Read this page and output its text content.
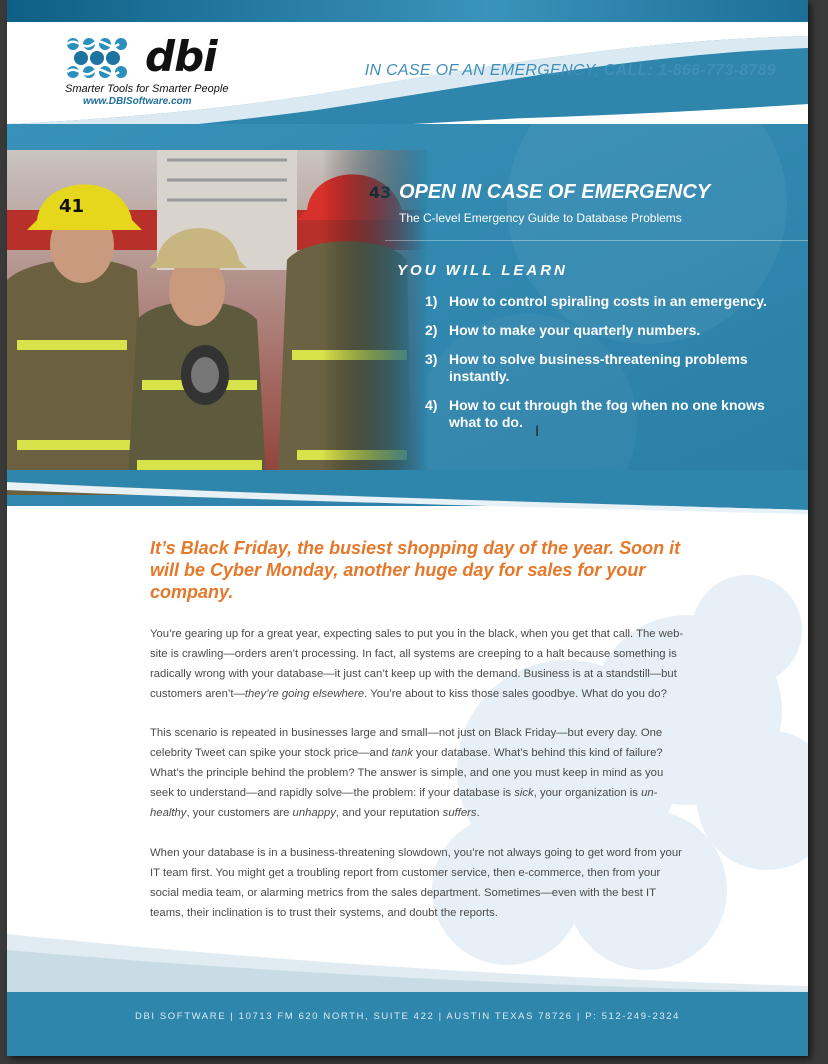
dbi
Smarter Tools for Smarter People
www.DBISoftware.com
IN CASE OF AN EMERGENCY, CALL: 1-866-773-8789
OPEN IN CASE OF EMERGENCY
The C-level Emergency Guide to Database Problems
YOU WILL LEARN
1) How to control spiraling costs in an emergency.
2) How to make your quarterly numbers.
3) How to solve business-threatening problems instantly.
4) How to cut through the fog when no one knows what to do.
It’s Black Friday, the busiest shopping day of the year. Soon it will be Cyber Monday, another huge day for sales for your company.

You’re gearing up for a great year, expecting sales to put you in the black, when you get that call. The web-site is crawling—orders aren’t processing. In fact, all systems are creeping to a halt because something is radically wrong with your database—it just can’t keep up with the demand. Business is at a standstill—but customers aren’t—they’re going elsewhere. You’re about to kiss those sales goodbye. What do you do?

This scenario is repeated in businesses large and small—not just on Black Friday—but every day. One celebrity Tweet can spike your stock price—and tank your database. What’s behind this kind of failure? What’s the principle behind the problem? The answer is simple, and one you must keep in mind as you seek to understand—and rapidly solve—the problem: if your database is sick, your organization is un-healthy, your customers are unhappy, and your reputation suffers.

When your database is in a business-threatening slowdown, you’re not always going to get word from your IT team first. You might get a troubling report from customer service, then e-commerce, then from your social media team, or alarming metrics from the sales department. Sometimes—even with the best IT teams, their inclination is to trust their systems, and doubt the reports.

DBI SOFTWARE | 10713 FM 620 NORTH, SUITE 422 | AUSTIN TEXAS 78726 | P: 512-249-2324
I
